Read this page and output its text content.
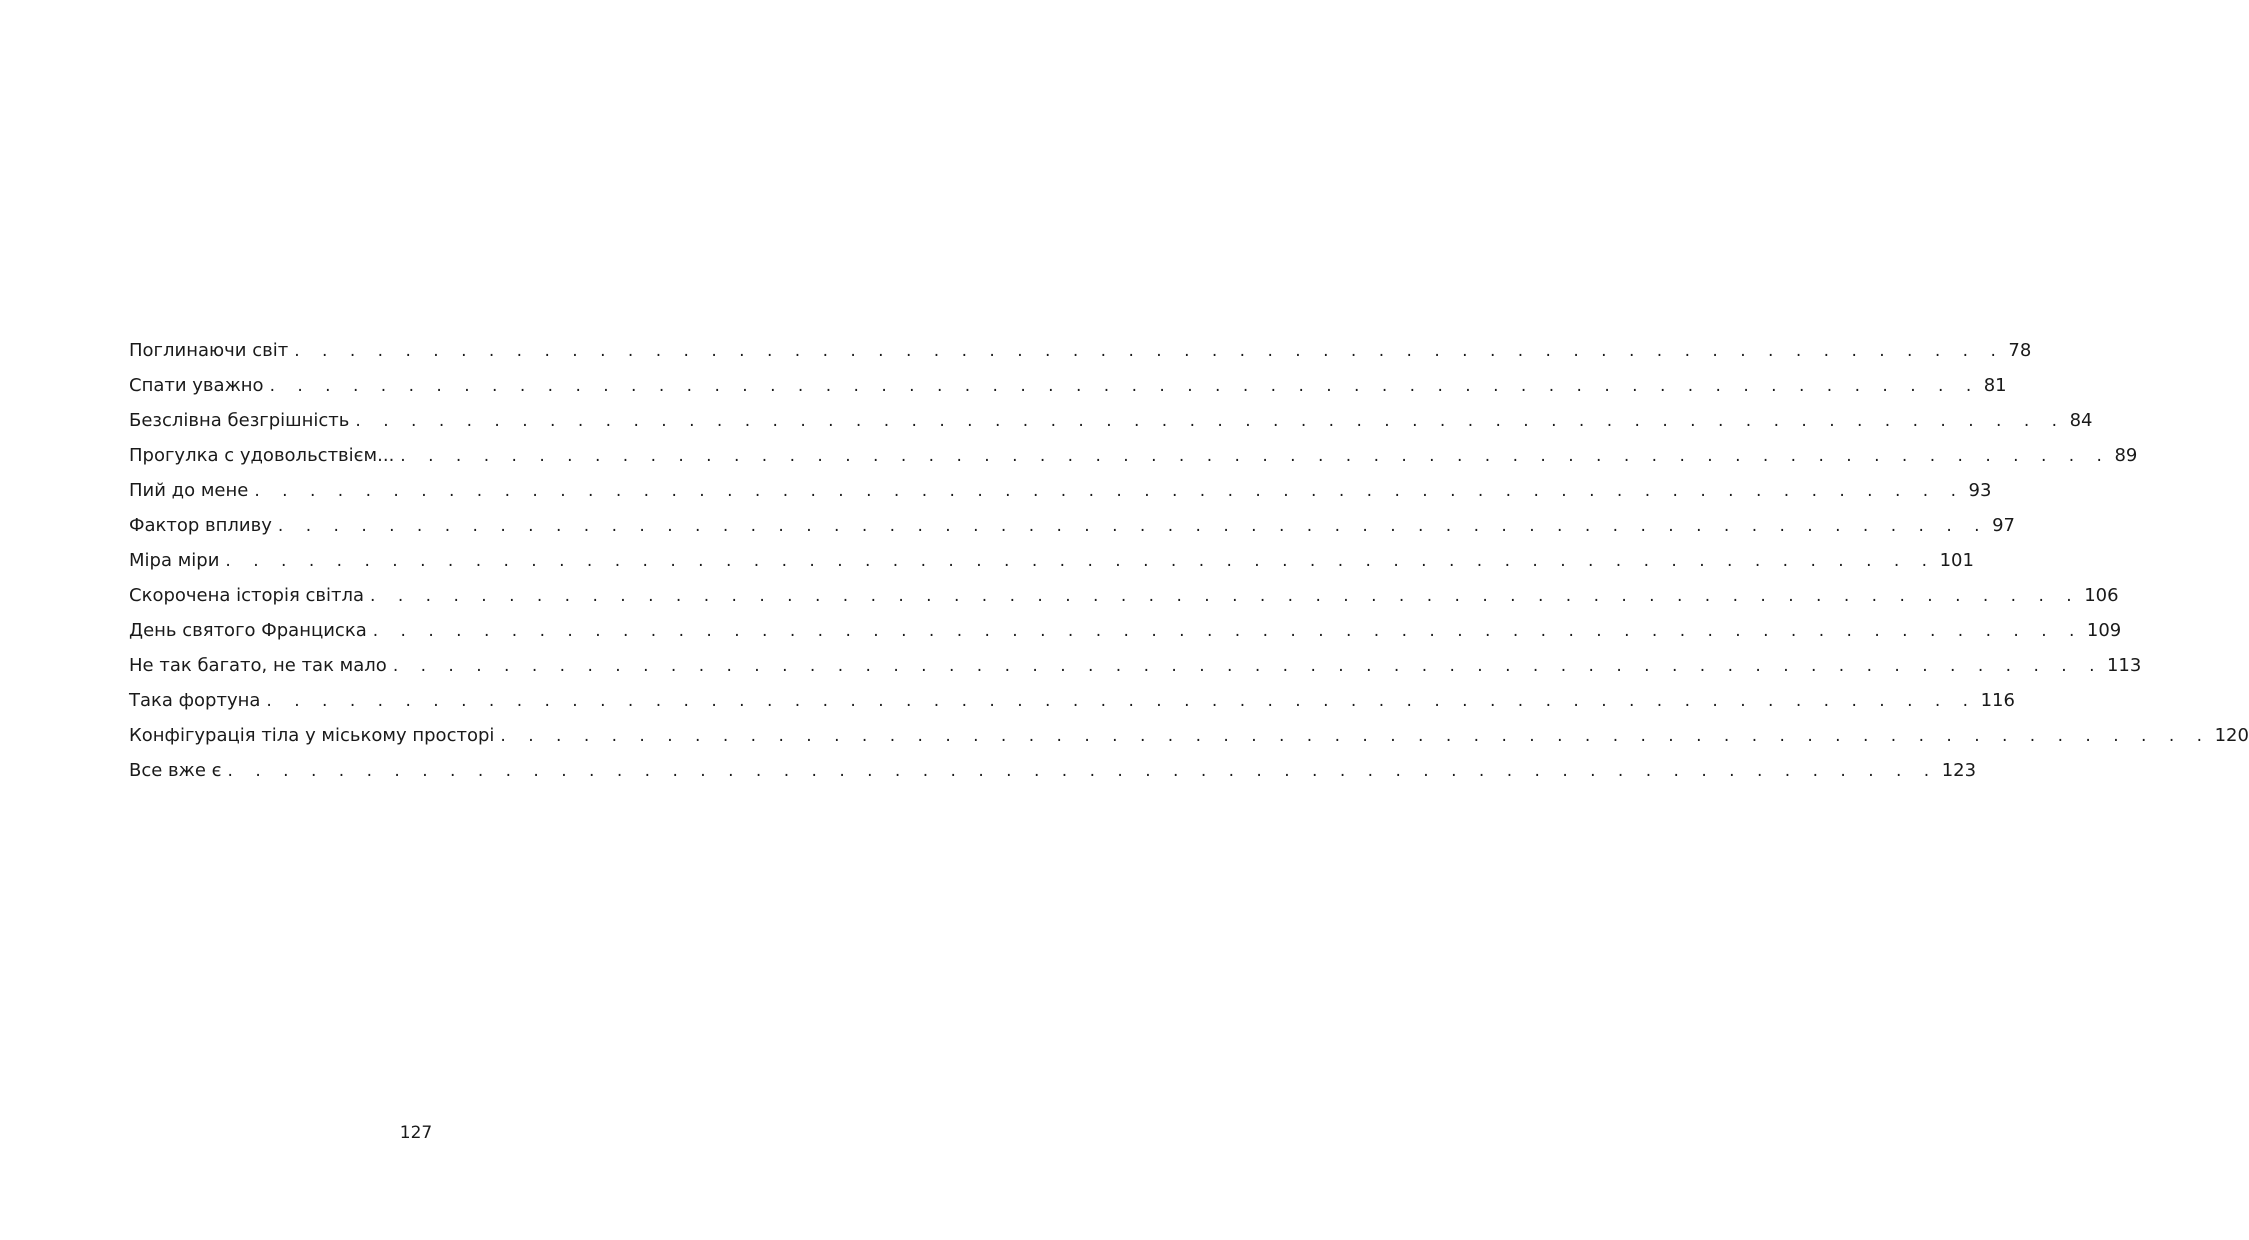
Поглинаючи світ . . . . . . . . . . . . . . . . . . . . . . . . . . . . . . . . . . . . . . . . . . . . . . . . . . . . . . . . . . . . . . 78
Спати уважно . . . . . . . . . . . . . . . . . . . . . . . . . . . . . . . . . . . . . . . . . . . . . . . . . . . . . . . . . . . . . . 81
Безслівна безгрішність . . . . . . . . . . . . . . . . . . . . . . . . . . . . . . . . . . . . . . . . . . . . . . . . . . . . . . . . . . . . . . 84
Прогулка с удовольствієм... . . . . . . . . . . . . . . . . . . . . . . . . . . . . . . . . . . . . . . . . . . . . . . . . . . . . . . . . . . . . . . 89
Пий до мене . . . . . . . . . . . . . . . . . . . . . . . . . . . . . . . . . . . . . . . . . . . . . . . . . . . . . . . . . . . . . . 93
Фактор впливу . . . . . . . . . . . . . . . . . . . . . . . . . . . . . . . . . . . . . . . . . . . . . . . . . . . . . . . . . . . . . . 97
Міра міри . . . . . . . . . . . . . . . . . . . . . . . . . . . . . . . . . . . . . . . . . . . . . . . . . . . . . . . . . . . . . . 101
Скорочена історія світла . . . . . . . . . . . . . . . . . . . . . . . . . . . . . . . . . . . . . . . . . . . . . . . . . . . . . . . . . . . . . . 106
День святого Франциска . . . . . . . . . . . . . . . . . . . . . . . . . . . . . . . . . . . . . . . . . . . . . . . . . . . . . . . . . . . . . . 109
Не так багато, не так мало . . . . . . . . . . . . . . . . . . . . . . . . . . . . . . . . . . . . . . . . . . . . . . . . . . . . . . . . . . . . . . 113
Така фортуна . . . . . . . . . . . . . . . . . . . . . . . . . . . . . . . . . . . . . . . . . . . . . . . . . . . . . . . . . . . . . . 116
Конфігурація тіла у міському просторі . . . . . . . . . . . . . . . . . . . . . . . . . . . . . . . . . . . . . . . . . . . . . . . . . . . . . . . . . . . . . . 120
Все вже є . . . . . . . . . . . . . . . . . . . . . . . . . . . . . . . . . . . . . . . . . . . . . . . . . . . . . . . . . . . . . . 123
127
